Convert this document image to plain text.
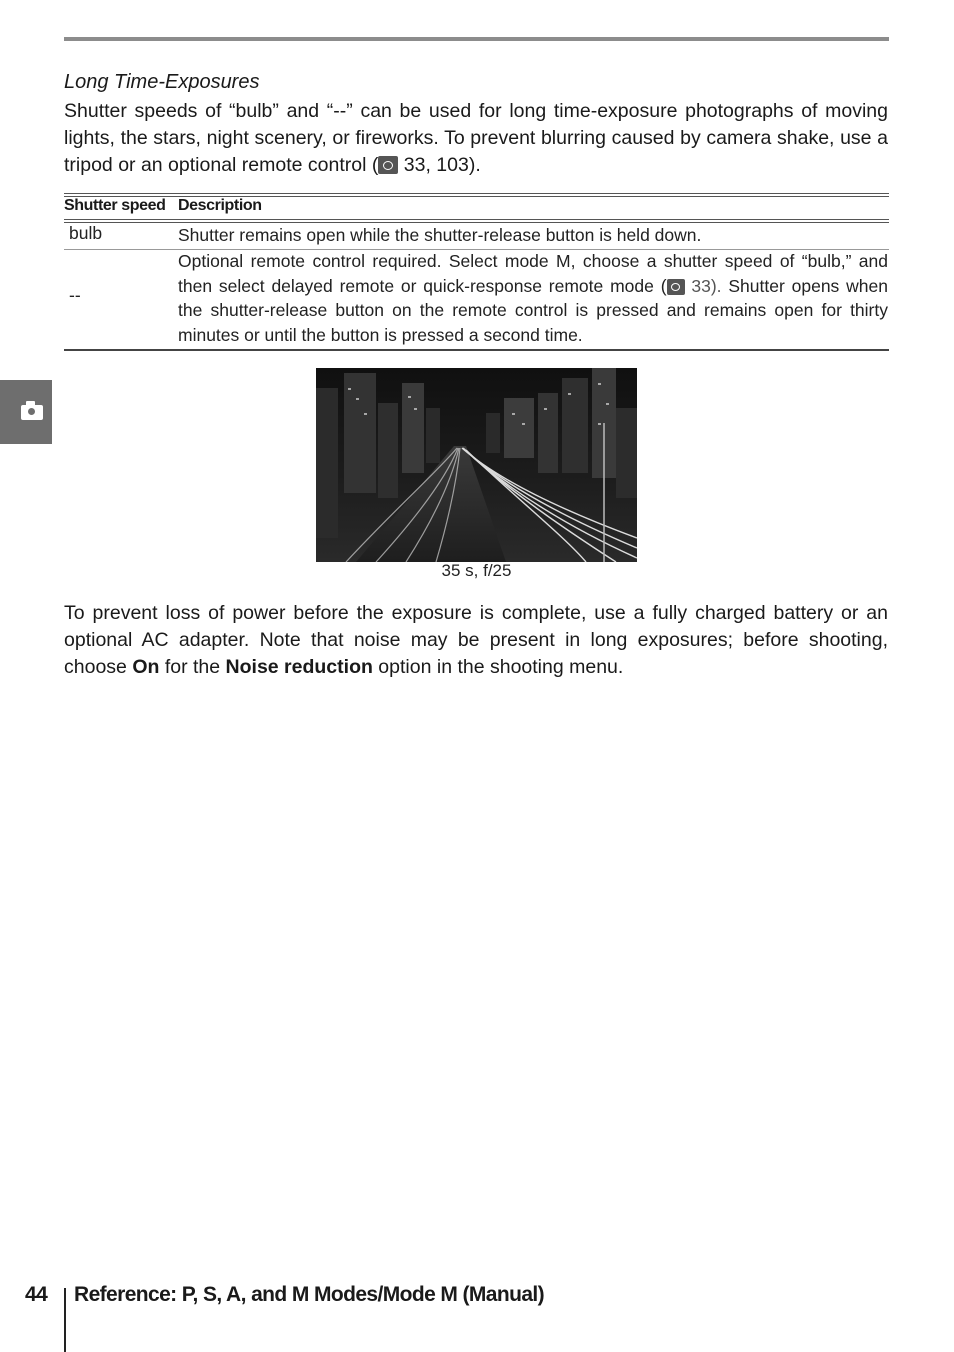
Long Time-Exposures

Shutter speeds of “bulb” and “--” can be used for long time-exposure photographs of moving lights, the stars, night scenery, or fireworks. To prevent blurring caused by camera shake, use a tripod or an optional remote control ( 33, 103).

Shutter speed Description
bulb	Shutter remains open while the shutter-release button is held down.

--

Optional remote control required. Select mode M, choose a shutter speed of “bulb,” and then select delayed remote or quick-response remote mode ( 33). Shutter opens when the shutter-release button on the remote control is pressed and remains open for thirty minutes or until the button is pressed a second time.

35 s, f/25

To prevent loss of power before the exposure is complete, use a fully charged battery or an optional AC adapter. Note that noise may be present in long exposures; before shooting, choose On for the Noise reduction option in the shooting menu.

44 Reference: P, S, A, and M Modes/Mode M (Manual)
